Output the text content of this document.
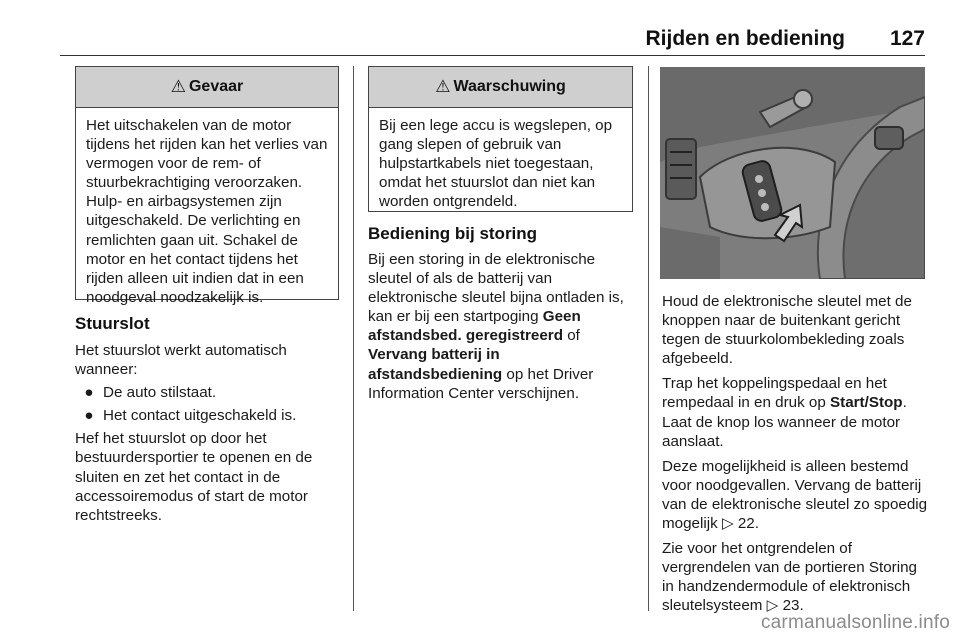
Rijden en bediening 127
⚠ Gevaar
Het uitschakelen van de motor tijdens het rijden kan het verlies van vermogen voor de rem- of stuurbekrachtiging veroorzaken. Hulp- en airbagsystemen zijn uitgeschakeld. De verlichting en remlichten gaan uit. Schakel de motor en het contact tijdens het rijden alleen uit indien dat in een noodgeval noodzakelijk is.
Stuurslot
Het stuurslot werkt automatisch wanneer:
● De auto stilstaat.
● Het contact uitgeschakeld is.
Hef het stuurslot op door het bestuurdersportier te openen en de sluiten en zet het contact in de accessoiremodus of start de motor rechtstreeks.
⚠ Waarschuwing
Bij een lege accu is wegslepen, op gang slepen of gebruik van hulpstartkabels niet toegestaan, omdat het stuurslot dan niet kan worden ontgrendeld.
Bediening bij storing
Bij een storing in de elektronische sleutel of als de batterij van elektronische sleutel bijna ontladen is, kan er bij een startpoging Geen afstandsbed. geregistreerd of Vervang batterij in afstandsbediening op het Driver Information Center verschijnen.
Houd de elektronische sleutel met de knoppen naar de buitenkant gericht tegen de stuurkolombekleding zoals afgebeeld.
Trap het koppelingspedaal en het rempedaal in en druk op Start/Stop. Laat de knop los wanneer de motor aanslaat.
Deze mogelijkheid is alleen bestemd voor noodgevallen. Vervang de batterij van de elektronische sleutel zo spoedig mogelijk ▷ 22.
Zie voor het ontgrendelen of vergrendelen van de portieren Storing in handzendermodule of elektronisch sleutelsysteem ▷ 23.
carmanualsonline.info
